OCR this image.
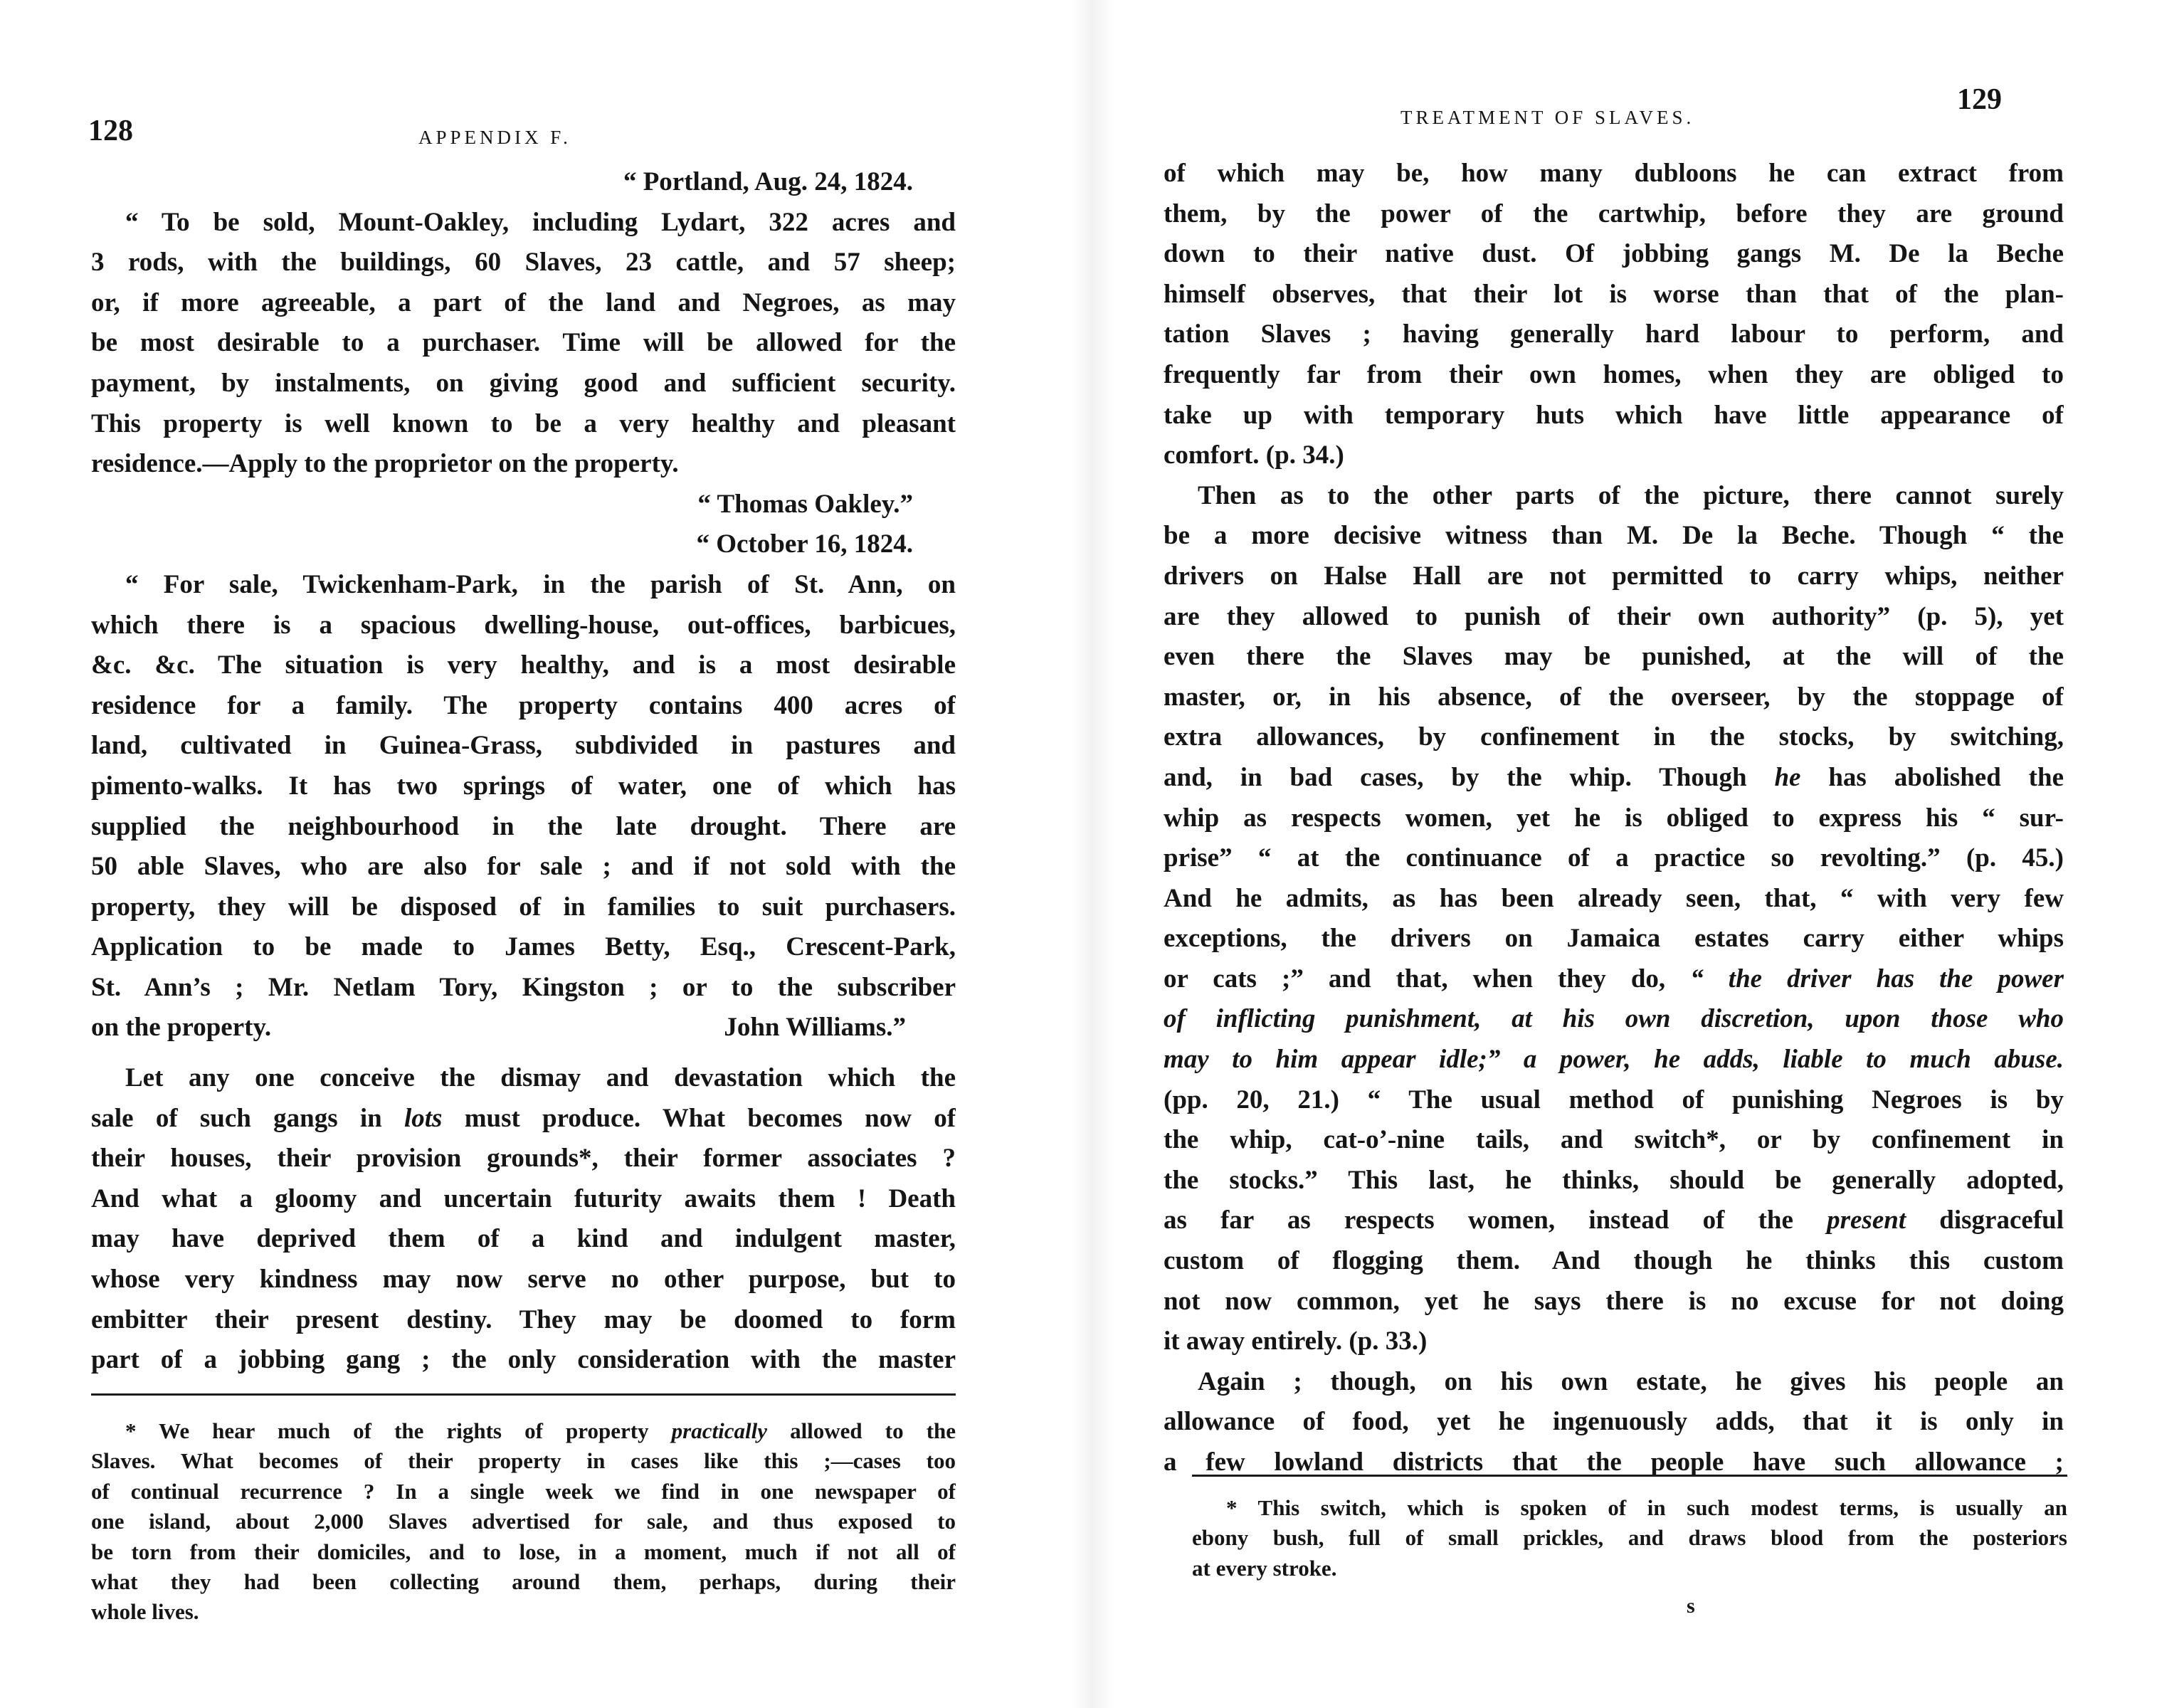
128	APPENDIX F.
“ Portland, Aug. 24, 1824.
“ To be sold, Mount-Oakley, including Lydart, 322 acres and
3 rods, with the buildings, 60 Slaves, 23 cattle, and 57 sheep;
or, if more agreeable, a part of the land and Negroes, as may
be most desirable to a purchaser. Time will be allowed for the
payment, by instalments, on giving good and sufficient security.
This property is well known to be a very healthy and pleasant
residence.—Apply to the proprietor on the property.
“ Thomas Oakley.”
“ October 16, 1824.
“ For sale, Twickenham-Park, in the parish of St. Ann, on
which there is a spacious dwelling-house, out-offices, barbicues,
&c. &c. The situation is very healthy, and is a most desirable
residence for a family. The property contains 400 acres of
land, cultivated in Guinea-Grass, subdivided in pastures and
pimento-walks. It has two springs of water, one of which has
supplied the neighbourhood in the late drought. There are
50 able Slaves, who are also for sale ; and if not sold with the
property, they will be disposed of in families to suit purchasers.
Application to be made to James Betty, Esq., Crescent-Park,
St. Ann’s ; Mr. Netlam Tory, Kingston ; or to the subscriber
on the property.	John Williams.”
Let any one conceive the dismay and devastation which the
sale of such gangs in lots must produce. What becomes now of
their houses, their provision grounds*, their former associates ?
And what a gloomy and uncertain futurity awaits them ! Death
may have deprived them of a kind and indulgent master,
whose very kindness may now serve no other purpose, but to
embitter their present destiny. They may be doomed to form
part of a jobbing gang ; the only consideration with the master
* We hear much of the rights of property practically allowed to the
Slaves. What becomes of their property in cases like this ;—cases too
of continual recurrence ? In a single week we find in one newspaper of
one island, about 2,000 Slaves advertised for sale, and thus exposed to
be torn from their domiciles, and to lose, in a moment, much if not all of
what they had been collecting around them, perhaps, during their
whole lives.
TREATMENT OF SLAVES.
129
of which may be, how many dubloons he can extract from
them, by the power of the cartwhip, before they are ground
down to their native dust. Of jobbing gangs M. De la Beche
himself observes, that their lot is worse than that of the plan-
tation Slaves ; having generally hard labour to perform, and
frequently far from their own homes, when they are obliged to
take up with temporary huts which have little appearance of
comfort. (p. 34.)
Then as to the other parts of the picture, there cannot surely
be a more decisive witness than M. De la Beche. Though “ the
drivers on Halse Hall are not permitted to carry whips, neither
are they allowed to punish of their own authority” (p. 5), yet
even there the Slaves may be punished, at the will of the
master, or, in his absence, of the overseer, by the stoppage of
extra allowances, by confinement in the stocks, by switching,
and, in bad cases, by the whip. Though he has abolished the
whip as respects women, yet he is obliged to express his “ sur-
prise” “ at the continuance of a practice so revolting.” (p. 45.)
And he admits, as has been already seen, that, “ with very few
exceptions, the drivers on Jamaica estates carry either whips
or cats ;” and that, when they do, “ the driver has the power
of inflicting punishment, at his own discretion, upon those who
may to him appear idle;” a power, he adds, liable to much abuse.
(pp. 20, 21.) “ The usual method of punishing Negroes is by
the whip, cat-o’-nine tails, and switch*, or by confinement in
the stocks.” This last, he thinks, should be generally adopted,
as far as respects women, instead of the present disgraceful
custom of flogging them. And though he thinks this custom
not now common, yet he says there is no excuse for not doing
it away entirely. (p. 33.)
Again ; though, on his own estate, he gives his people an
allowance of food, yet he ingenuously adds, that it is only in
a few lowland districts that the people have such allowance ;
* This switch, which is spoken of in such modest terms, is usually an
ebony bush, full of small prickles, and draws blood from the posteriors
at every stroke.
s
